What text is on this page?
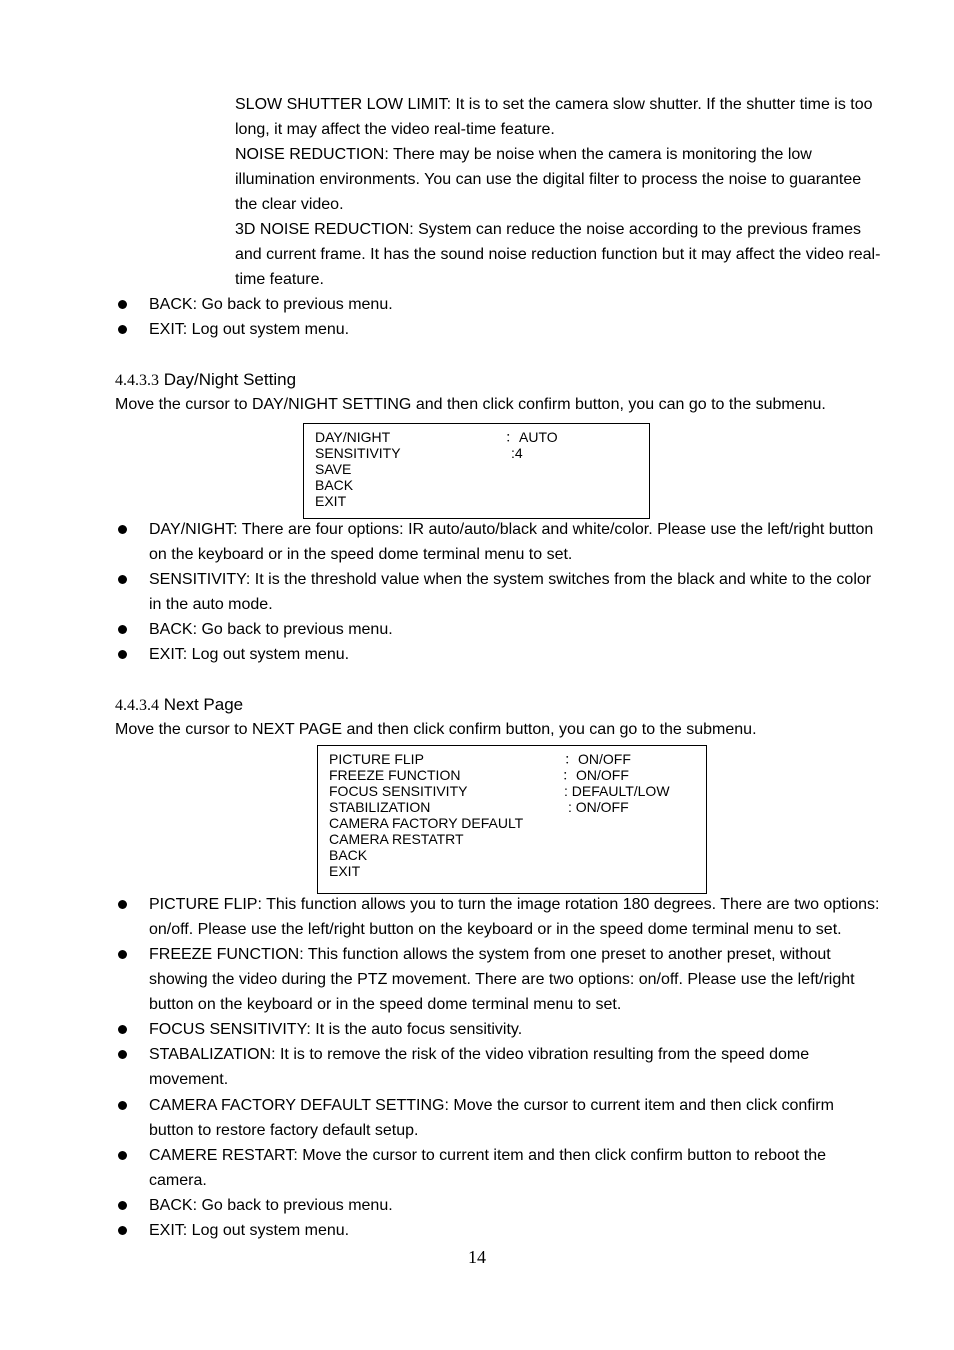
SLOW SHUTTER LOW LIMIT: It is to set the camera slow shutter. If the shutter time is too
long, it may affect the video real-time feature.
NOISE REDUCTION: There may be noise when the camera is monitoring the low
illumination environments. You can use the digital filter to process the noise to guarantee
the clear video.
3D NOISE REDUCTION: System can reduce the noise according to the previous frames
and current frame. It has the sound noise reduction function but it may affect the video real-
time feature.
BACK: Go back to previous menu.
EXIT: Log out system menu.
4.4.3.3 Day/Night Setting
Move the cursor to DAY/NIGHT SETTING and then click confirm button, you can go to the submenu.
DAY/NIGHT	：AUTO
SENSITIVITY	:4
SAVE
BACK
EXIT
DAY/NIGHT: There are four options: IR auto/auto/black and white/color. Please use the left/right button
on the keyboard or in the speed dome terminal menu to set.
SENSITIVITY: It is the threshold value when the system switches from the black and white to the color
in the auto mode.
BACK: Go back to previous menu.
EXIT: Log out system menu.
4.4.3.4 Next Page
Move the cursor to NEXT PAGE and then click confirm button, you can go to the submenu.
PICTURE FLIP	：ON/OFF
FREEZE FUNCTION	：ON/OFF
FOCUS SENSITIVITY	: DEFAULT/LOW
STABILIZATION	: ON/OFF
CAMERA FACTORY DEFAULT
CAMERA RESTATRT
BACK
EXIT
PICTURE FLIP: This function allows you to turn the image rotation 180 degrees. There are two options:
on/off. Please use the left/right button on the keyboard or in the speed dome terminal menu to set.
FREEZE FUNCTION: This function allows the system from one preset to another preset, without
showing the video during the PTZ movement. There are two options: on/off. Please use the left/right
button on the keyboard or in the speed dome terminal menu to set.
FOCUS SENSITIVITY: It is the auto focus sensitivity.
STABALIZATION: It is to remove the risk of the video vibration resulting from the speed dome
movement.
CAMERA FACTORY DEFAULT SETTING: Move the cursor to current item and then click confirm
button to restore factory default setup.
CAMERE RESTART: Move the cursor to current item and then click confirm button to reboot the
camera.
BACK: Go back to previous menu.
EXIT: Log out system menu.
14
